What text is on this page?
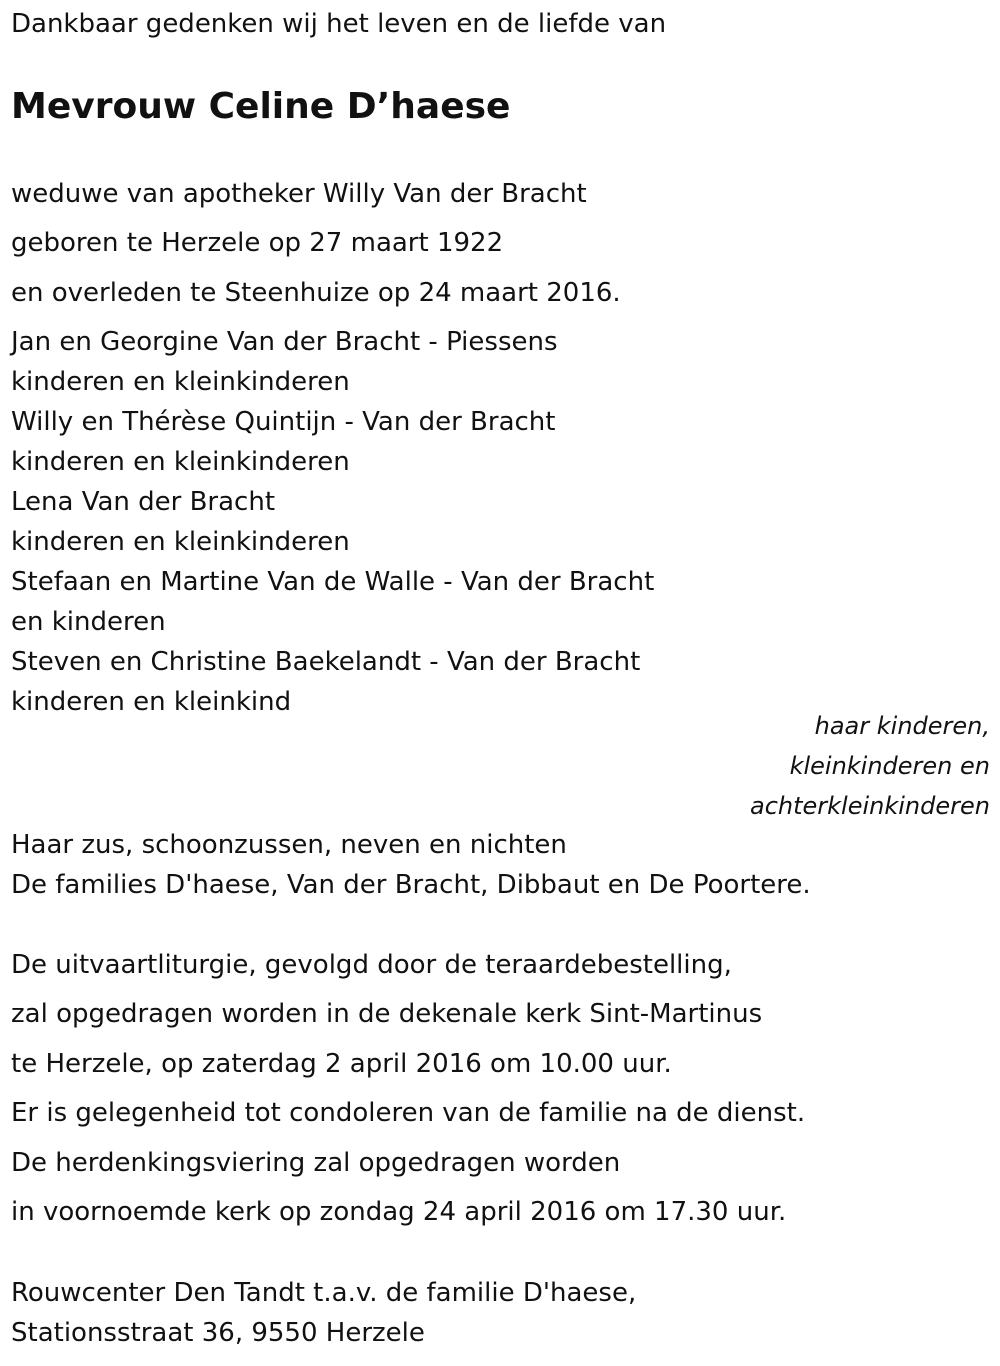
Dankbaar gedenken wij het leven en de liefde van
Mevrouw Celine D’haese
weduwe van apotheker Willy Van der Bracht
geboren te Herzele op 27 maart 1922
en overleden te Steenhuize op 24 maart 2016.
Jan en Georgine Van der Bracht - Piessens
kinderen en kleinkinderen
Willy en Thérèse Quintijn - Van der Bracht
kinderen en kleinkinderen
Lena Van der Bracht
kinderen en kleinkinderen
Stefaan en Martine Van de Walle - Van der Bracht
en kinderen
Steven en Christine Baekelandt - Van der Bracht
kinderen en kleinkind
haar kinderen,
kleinkinderen en
achterkleinkinderen
Haar zus, schoonzussen, neven en nichten
De families D'haese, Van der Bracht, Dibbaut en De Poortere.
De uitvaartliturgie, gevolgd door de teraardebestelling,
zal opgedragen worden in de dekenale kerk Sint-Martinus
te Herzele, op zaterdag 2 april 2016 om 10.00 uur.
Er is gelegenheid tot condoleren van de familie na de dienst.
De herdenkingsviering zal opgedragen worden
in voornoemde kerk op zondag 24 april 2016 om 17.30 uur.
Rouwcenter Den Tandt t.a.v. de familie D'haese,
Stationsstraat 36, 9550 Herzele
